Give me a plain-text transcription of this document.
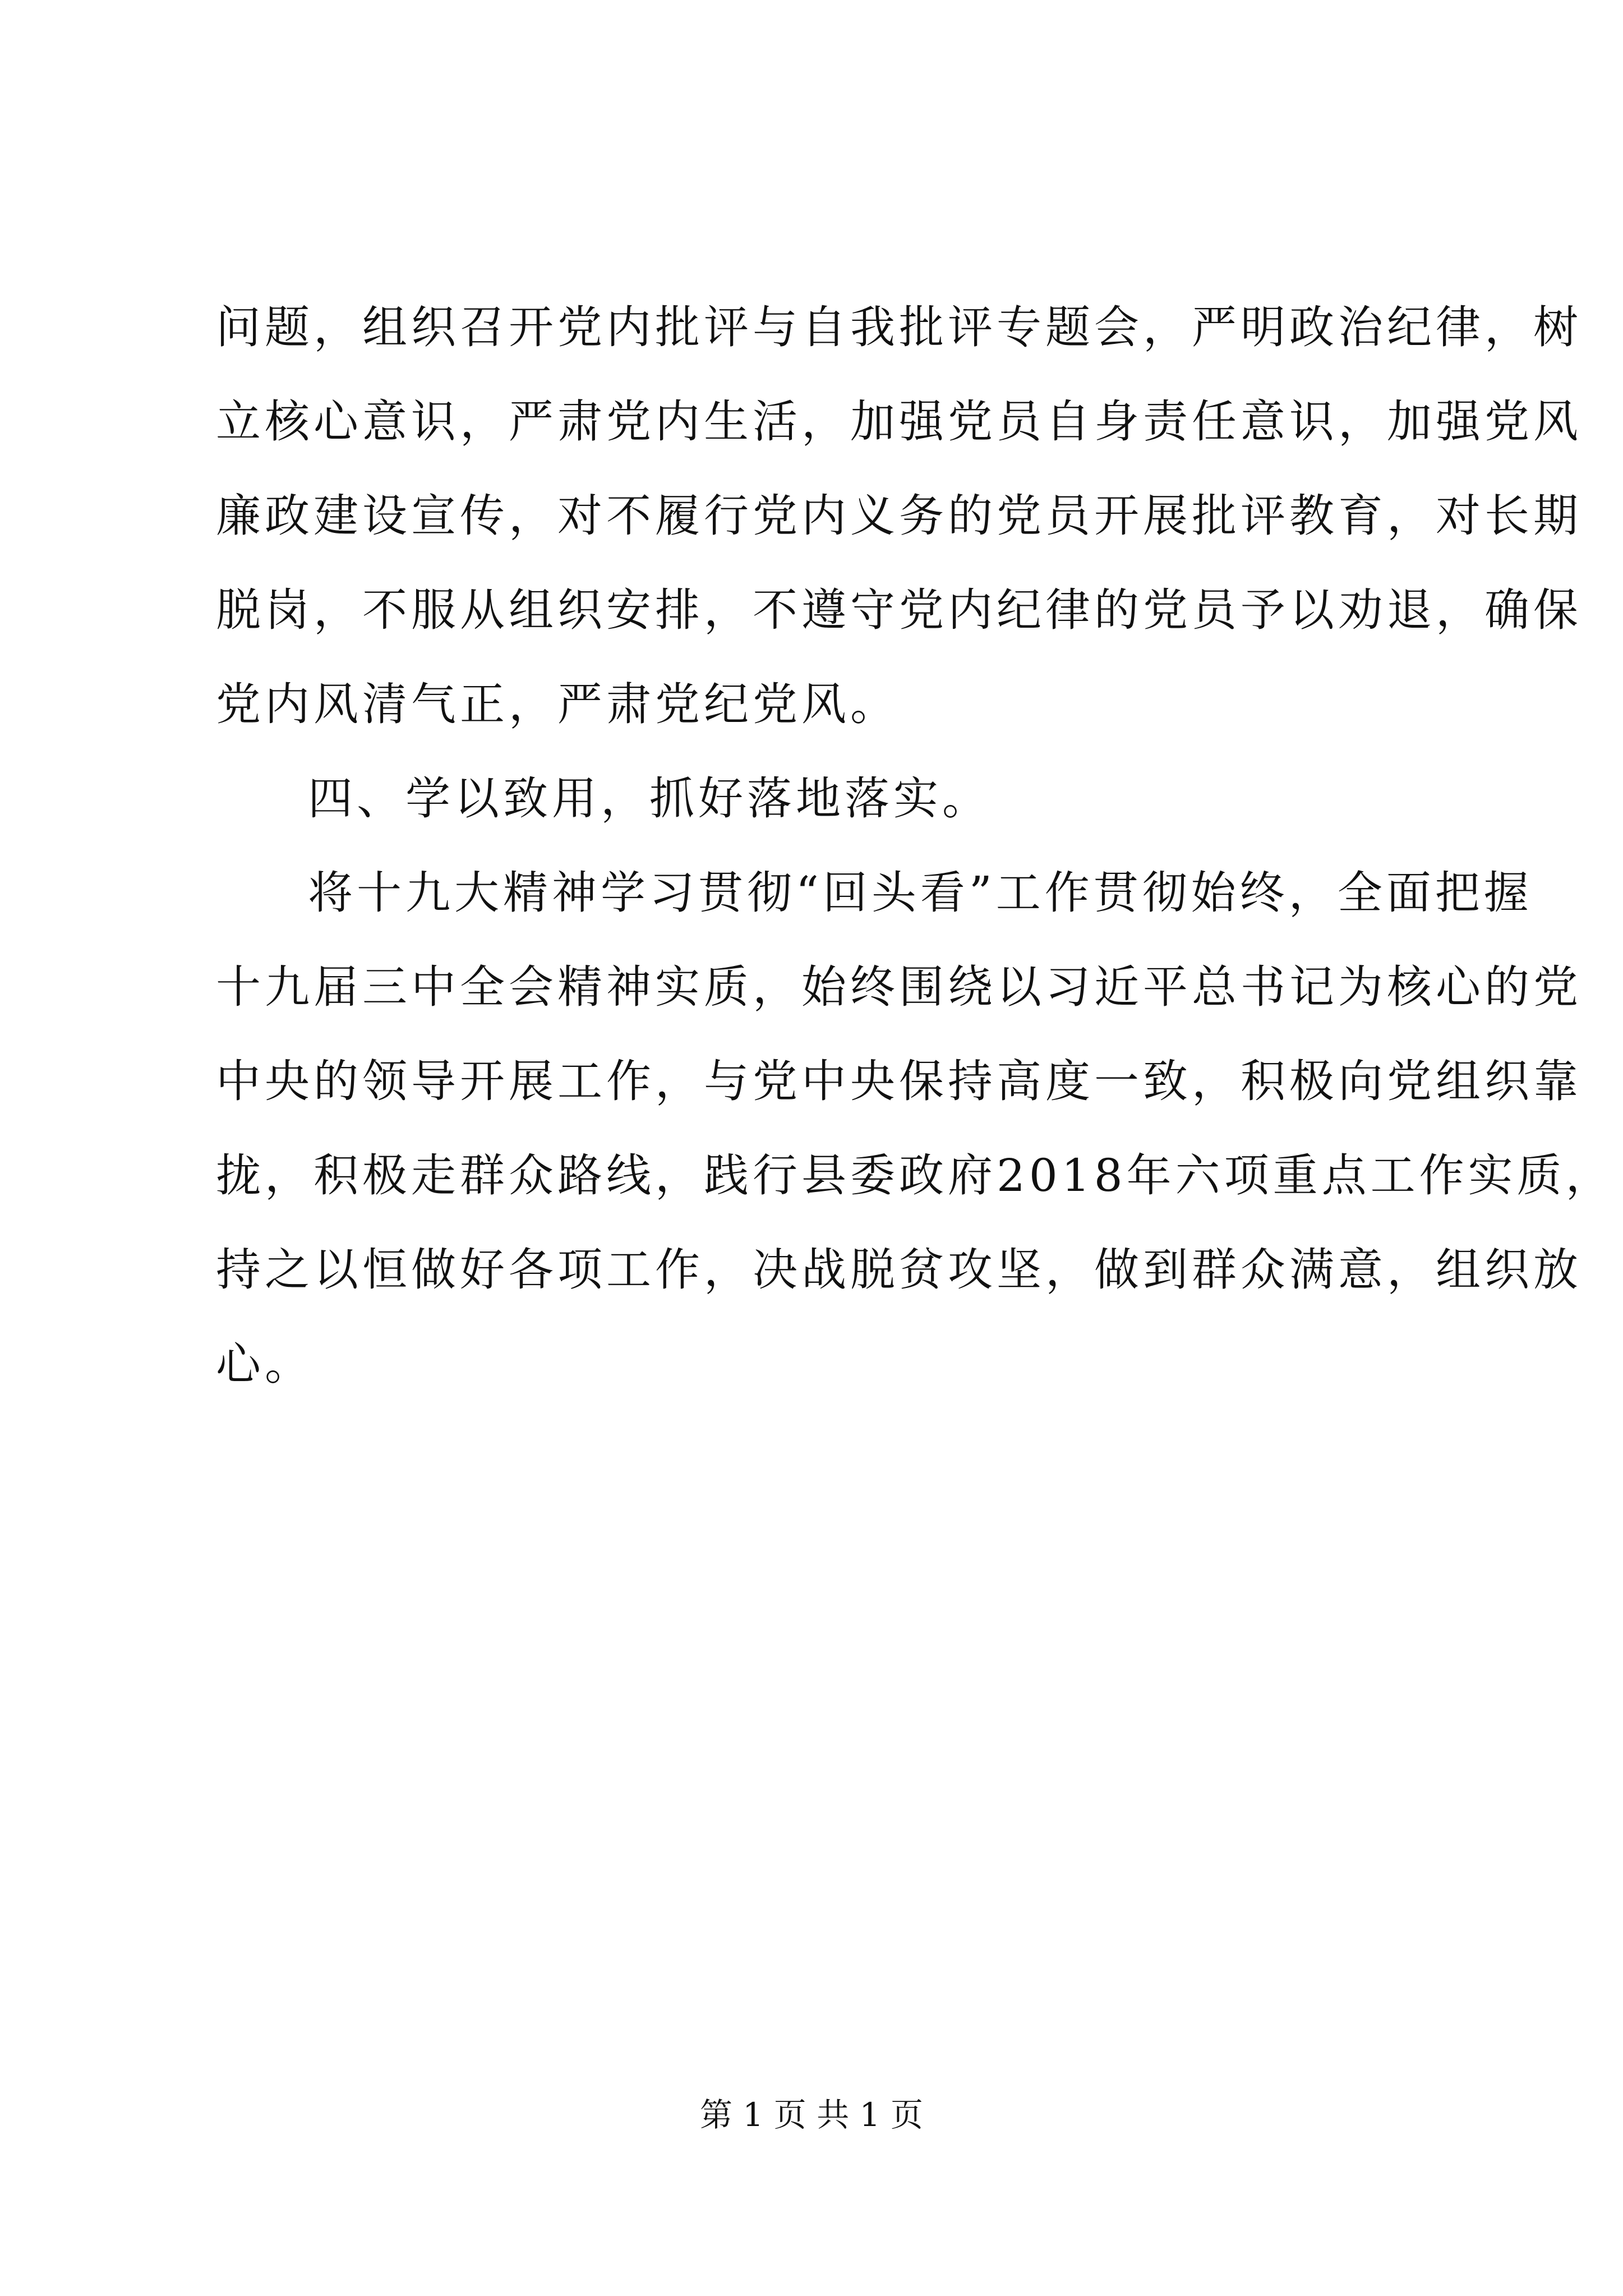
问题，组织召开党内批评与自我批评专题会，严明政治纪律，树
立核心意识，严肃党内生活，加强党员自身责任意识，加强党风
廉政建设宣传，对不履行党内义务的党员开展批评教育，对长期
脱岗，不服从组织安排，不遵守党内纪律的党员予以劝退，确保
党内风清气正，严肃党纪党风。
四、学以致用，抓好落地落实。
将十九大精神学习贯彻“回头看”工作贯彻始终，全面把握
十九届三中全会精神实质，始终围绕以习近平总书记为核心的党
中央的领导开展工作，与党中央保持高度一致，积极向党组织靠
拢，积极走群众路线，践行县委政府2018年六项重点工作实质，
持之以恒做好各项工作，决战脱贫攻坚，做到群众满意，组织放
心。
第 1 页 共 1 页
